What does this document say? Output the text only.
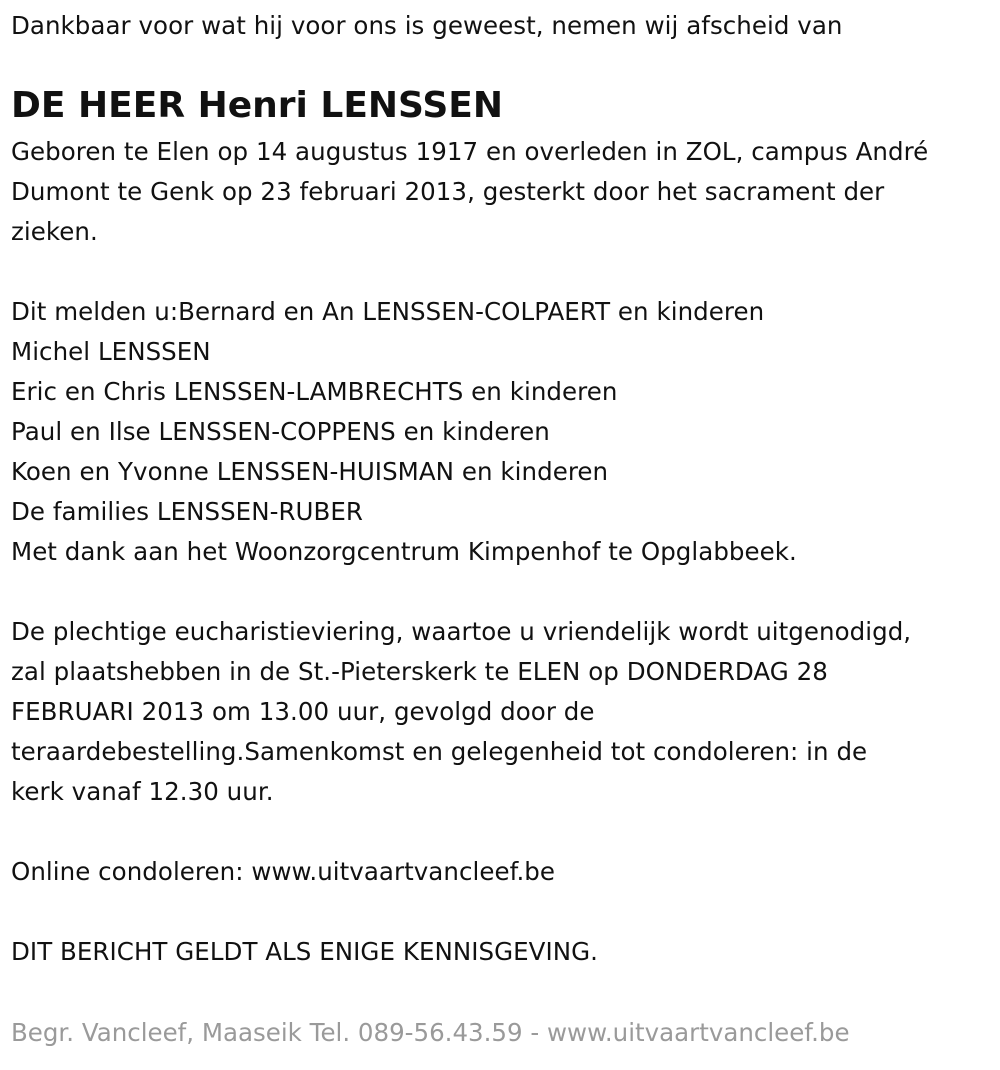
Dankbaar voor wat hij voor ons is geweest, nemen wij afscheid van

DE HEER Henri LENSSEN

Geboren te Elen op 14 augustus 1917 en overleden in ZOL, campus André

Dumont te Genk op 23 februari 2013, gesterkt door het sacrament der

zieken.

Dit melden u:Bernard en An LENSSEN-COLPAERT en kinderen

Michel LENSSEN

Eric en Chris LENSSEN-LAMBRECHTS en kinderen

Paul en Ilse LENSSEN-COPPENS en kinderen

Koen en Yvonne LENSSEN-HUISMAN en kinderen

De families LENSSEN-RUBER

Met dank aan het Woonzorgcentrum Kimpenhof te Opglabbeek.

De plechtige eucharistieviering, waartoe u vriendelijk wordt uitgenodigd,

zal plaatshebben in de St.-Pieterskerk te ELEN op DONDERDAG 28

FEBRUARI 2013 om 13.00 uur, gevolgd door de

teraardebestelling.Samenkomst en gelegenheid tot condoleren: in de

kerk vanaf 12.30 uur.

Online condoleren: www.uitvaartvancleef.be

DIT BERICHT GELDT ALS ENIGE KENNISGEVING.

Begr. Vancleef, Maaseik Tel. 089-56.43.59 - www.uitvaartvancleef.be
